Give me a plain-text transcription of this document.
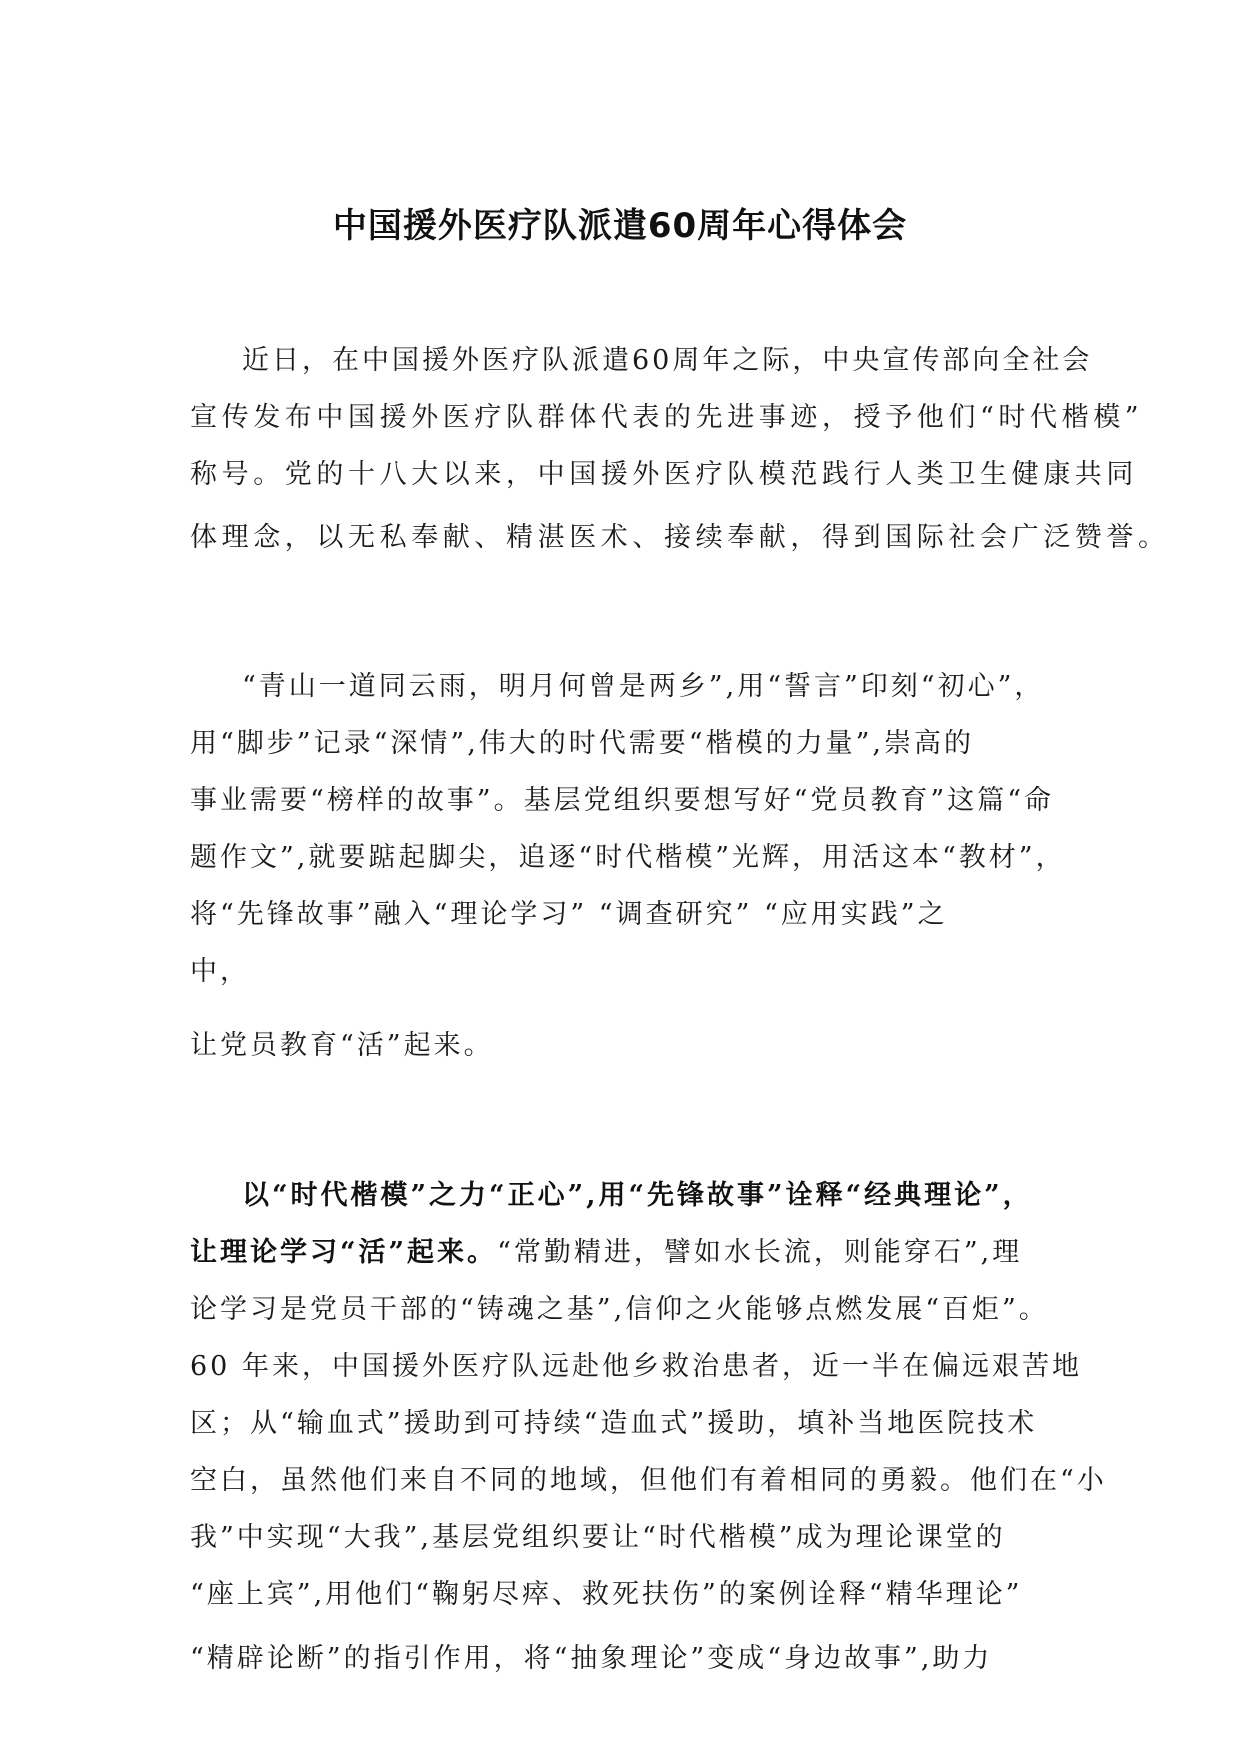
中国援外医疗队派遣60周年心得体会

近日，在中国援外医疗队派遣60周年之际，中央宣传部向全社会

宣传发布中国援外医疗队群体代表的先进事迹，授予他们“时代楷模”

称号。党的十八大以来，中国援外医疗队模范践行人类卫生健康共同

体理念，以无私奉献、精湛医术、接续奉献，得到国际社会广泛赞誉。

“青山一道同云雨，明月何曾是两乡”,用“誓言”印刻“初心”，

用“脚步”记录“深情”,伟大的时代需要“楷模的力量”,崇高的

事业需要“榜样的故事”。基层党组织要想写好“党员教育”这篇“命

题作文”,就要踮起脚尖，追逐“时代楷模”光辉，用活这本“教材”，

将“先锋故事”融入“理论学习” “调查研究” “应用实践”之

中，

让党员教育“活”起来。

以“时代楷模”之力“正心”,用“先锋故事”诠释“经典理论”，

让理论学习“活”起来。“常勤精进，譬如水长流，则能穿石”,理

论学习是党员干部的“铸魂之基”,信仰之火能够点燃发展“百炬”。

60 年来，中国援外医疗队远赴他乡救治患者，近一半在偏远艰苦地

区；从“输血式”援助到可持续“造血式”援助，填补当地医院技术

空白，虽然他们来自不同的地域，但他们有着相同的勇毅。他们在“小

我”中实现“大我”,基层党组织要让“时代楷模”成为理论课堂的

“座上宾”,用他们“鞠躬尽瘁、救死扶伤”的案例诠释“精华理论”

“精辟论断”的指引作用，将“抽象理论”变成“身边故事”,助力
